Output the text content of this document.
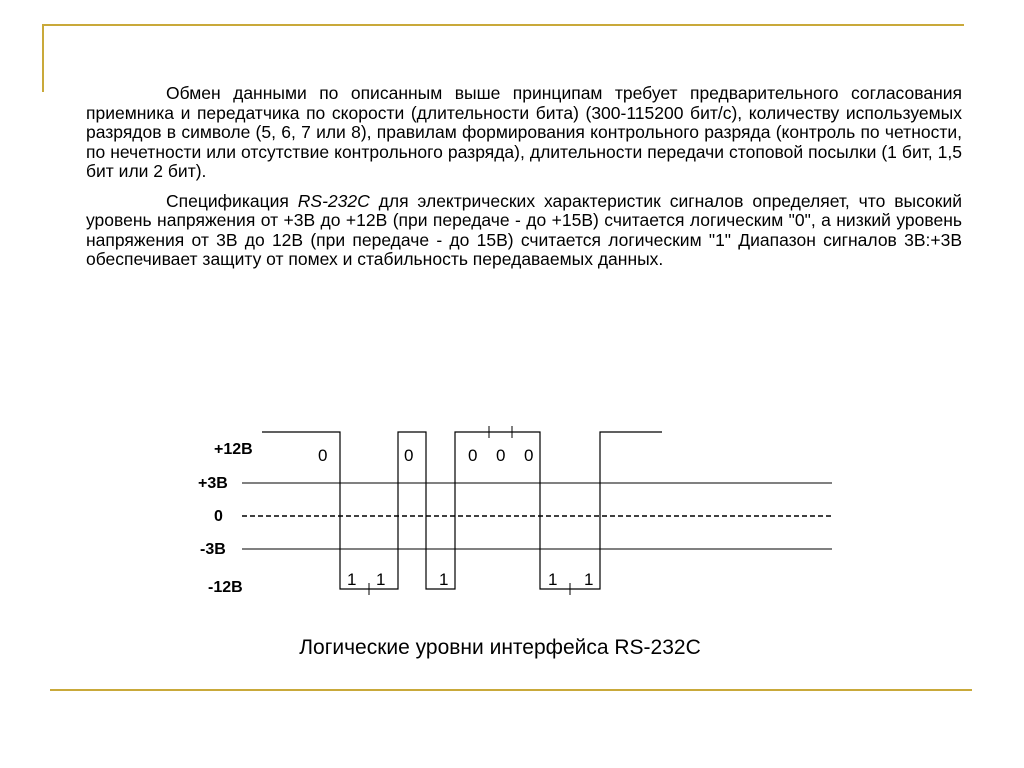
Обмен данными по описанным выше принципам требует предварительного согласования приемника и передатчика по скорости (длительности бита) (300-115200 бит/с), количеству используемых разрядов в символе (5, 6, 7 или 8), правилам формирования контрольного разряда (контроль по четности, по нечетности или отсутствие контрольного разряда), длительности передачи стоповой посылки (1 бит, 1,5 бит или 2 бит).

Спецификация RS-232C для электрических характеристик сигналов определяет, что высокий уровень напряжения от +3В до +12В (при передаче - до +15В) считается логическим "0", а низкий уровень напряжения от 3В до 12В (при передаче - до 15В) считается логическим "1" Диапазон сигналов 3В:+3В обеспечивает защиту от помех и стабильность передаваемых данных.

+12В
+3В
0
-3В
-12В
0	0	0 0 0
1 1	1	1 1
Логические уровни интерфейса RS-232C
